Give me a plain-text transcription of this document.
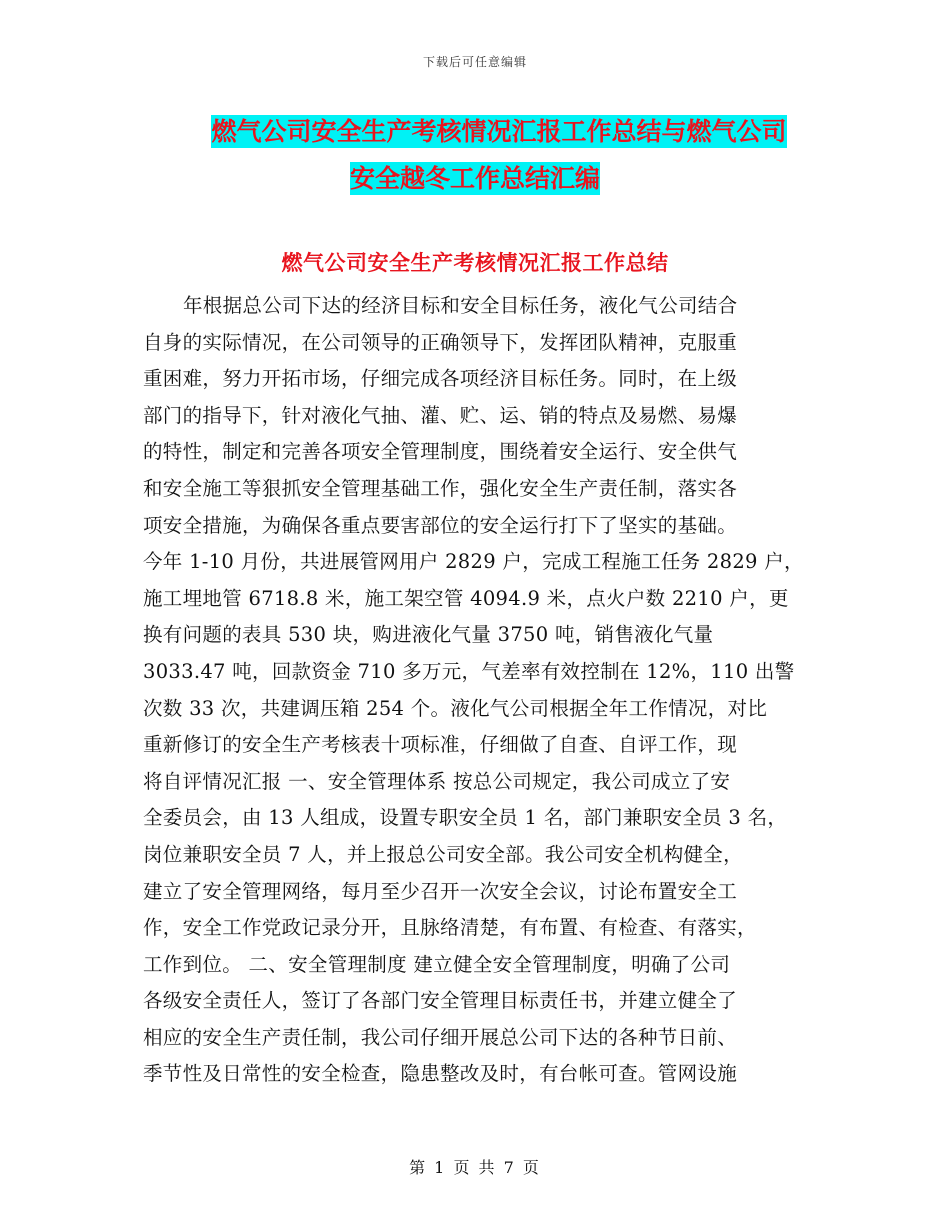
下载后可任意编辑
燃气公司安全生产考核情况汇报工作总结与燃气公司
安全越冬工作总结汇编
燃气公司安全生产考核情况汇报工作总结
年根据总公司下达的经济目标和安全目标任务，液化气公司结合
自身的实际情况，在公司领导的正确领导下，发挥团队精神，克服重
重困难，努力开拓市场，仔细完成各项经济目标任务。同时，在上级
部门的指导下，针对液化气抽、灌、贮、运、销的特点及易燃、易爆
的特性，制定和完善各项安全管理制度，围绕着安全运行、安全供气
和安全施工等狠抓安全管理基础工作，强化安全生产责任制，落实各
项安全措施，为确保各重点要害部位的安全运行打下了坚实的基础。
今年 1-10 月份，共进展管网用户 2829 户，完成工程施工任务 2829 户，
施工埋地管 6718.8 米，施工架空管 4094.9 米，点火户数 2210 户，更
换有问题的表具 530 块，购进液化气量 3750 吨，销售液化气量
3033.47 吨，回款资金 710 多万元，气差率有效控制在 12%，110 出警
次数 33 次，共建调压箱 254 个。液化气公司根据全年工作情况，对比
重新修订的安全生产考核表十项标准，仔细做了自查、自评工作，现
将自评情况汇报 一、安全管理体系 按总公司规定，我公司成立了安
全委员会，由 13 人组成，设置专职安全员 1 名，部门兼职安全员 3 名，
岗位兼职安全员 7 人，并上报总公司安全部。我公司安全机构健全，
建立了安全管理网络，每月至少召开一次安全会议，讨论布置安全工
作，安全工作党政记录分开，且脉络清楚，有布置、有检查、有落实，
工作到位。 二、安全管理制度 建立健全安全管理制度，明确了公司
各级安全责任人，签订了各部门安全管理目标责任书，并建立健全了
相应的安全生产责任制，我公司仔细开展总公司下达的各种节日前、
季节性及日常性的安全检查，隐患整改及时，有台帐可查。管网设施
第 1 页 共 7 页
